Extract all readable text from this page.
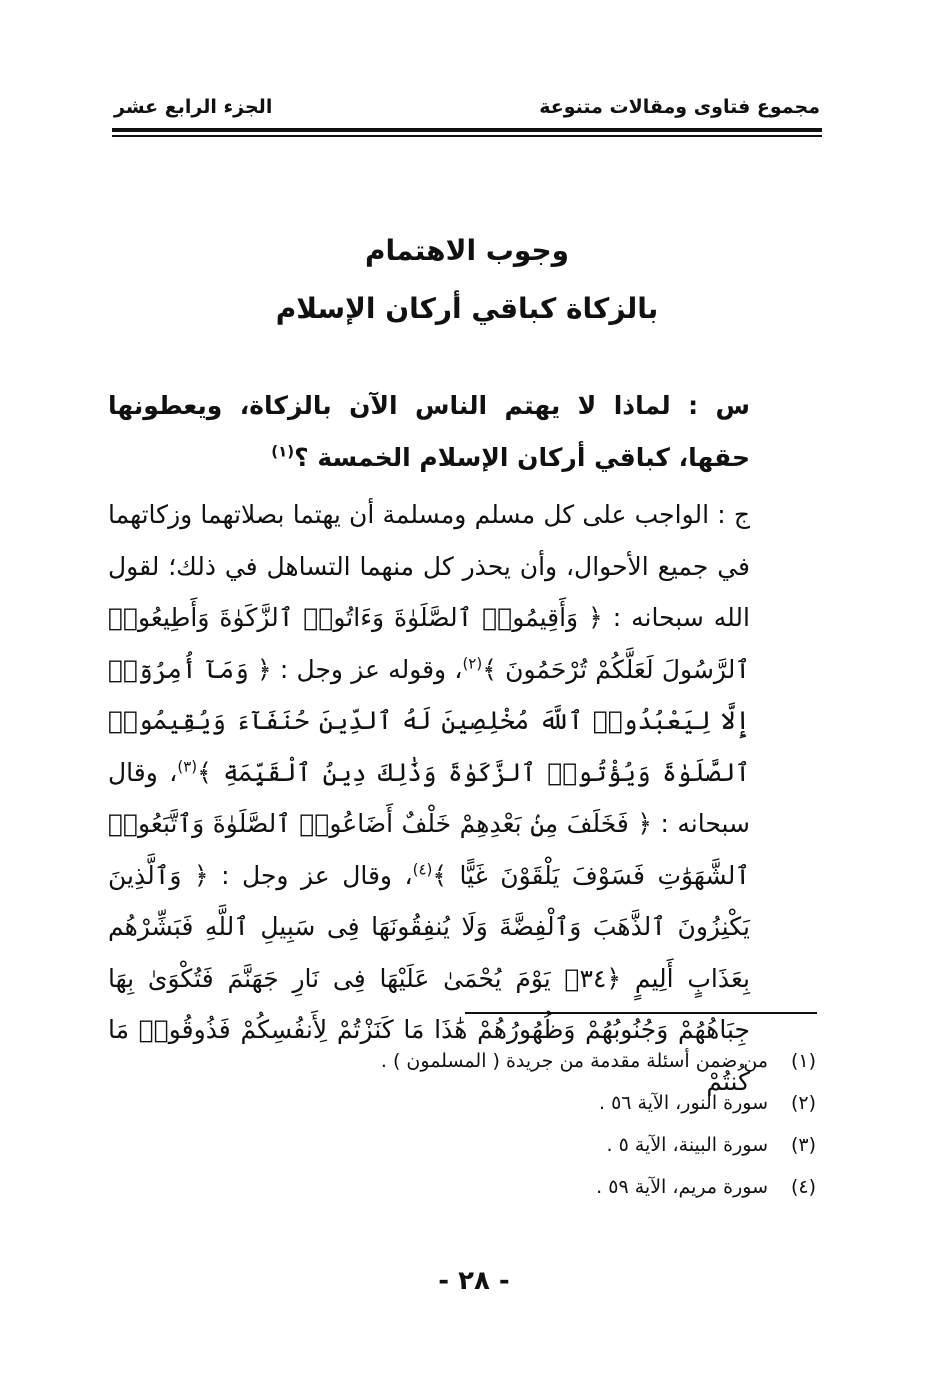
مجموع فتاوى ومقالات متنوعة
الجزء الرابع عشر
وجوب الاهتمام
بالزكاة كباقي أركان الإسلام

س : لماذا لا يهتم الناس الآن بالزكاة، ويعطونها حقها، كباقي أركان الإسلام الخمسة ؟$^{(١)}$

ج : الواجب على كل مسلم ومسلمة أن يهتما بصلاتهما وزكاتهما في جميع الأحوال، وأن يحذر كل منهما التساهل في ذلك؛ لقول الله سبحانه : ﴿ وَأَقِيمُوا۟ ٱلصَّلَوٰةَ وَءَاتُوا۟ ٱلزَّكَوٰةَ وَأَطِيعُوا۟ ٱلرَّسُولَ لَعَلَّكُمْ تُرْحَمُونَ ﴾$^{(٢)}$، وقوله عز وجل : ﴿ وَمَآ أُمِرُوٓا۟ إِلَّا لِيَعْبُدُوا۟ ٱللَّهَ مُخْلِصِينَ لَهُ ٱلدِّينَ حُنَفَآءَ وَيُقِيمُوا۟ ٱلصَّلَوٰةَ وَيُؤْتُوا۟ ٱلزَّكَوٰةَ وَذَٰلِكَ دِينُ ٱلْقَيِّمَةِ ﴾$^{(٣)}$، وقال سبحانه : ﴿ فَخَلَفَ مِنۢ بَعْدِهِمْ خَلْفٌ أَضَاعُوا۟ ٱلصَّلَوٰةَ وَٱتَّبَعُوا۟ ٱلشَّهَوَٰتِ فَسَوْفَ يَلْقَوْنَ غَيًّا ﴾$^{(٤)}$، وقال عز وجل : ﴿ وَٱلَّذِينَ يَكْنِزُونَ ٱلذَّهَبَ وَٱلْفِضَّةَ وَلَا يُنفِقُونَهَا فِى سَبِيلِ ٱللَّهِ فَبَشِّرْهُم بِعَذَابٍ أَلِيمٍ ﴿٣٤﴾ يَوْمَ يُحْمَىٰ عَلَيْهَا فِى نَارِ جَهَنَّمَ فَتُكْوَىٰ بِهَا جِبَاهُهُمْ وَجُنُوبُهُمْ وَظُهُورُهُمْ هَٰذَا مَا كَنَزْتُمْ لِأَنفُسِكُمْ فَذُوقُوا۟ مَا كُنتُمْ

(١)من ضمن أسئلة مقدمة من جريدة ( المسلمون ) .
(٢)سورة النور، الآية ٥٦ .
(٣)سورة البينة، الآية ٥ .
(٤)سورة مريم، الآية ٥٩ .
- ٢٨ -
